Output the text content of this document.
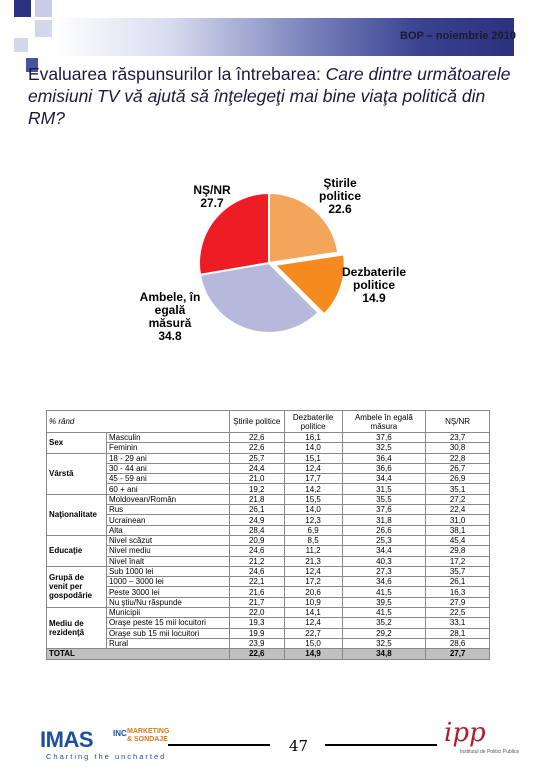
BOP – noiembrie 2010
Evaluarea răspunsurilor la întrebarea: Care dintre următoarele emisiuni TV vă ajută să înţelegeţi mai bine viaţa politică din RM?
Ştirile
politice
22.6
Dezbaterile
politice
14.9
Ambele, în
egală
măsură
34.8
NŞ/NR
27.7
% rând		Ştirile politice	Dezbaterile politice	Ambele în egală măsura	NŞ/NR
Sex	Masculin	22,6	16,1	37,6	23,7
	Feminin	22,6	14,0	32,5	30,8
Vârstă	18 - 29 ani	25,7	15,1	36,4	22,8
	30 - 44 ani	24,4	12,4	36,6	26,7
	45 - 59 ani	21,0	17,7	34,4	26,9
	60 + ani	19,2	14,2	31,5	35,1
Naţionalitate	Moldovean/Român	21,8	15,5	35,5	27,2
	Rus	26,1	14,0	37,6	22,4
	Ucrainean	24,9	12,3	31,8	31,0
	Alta	28,4	6,9	26,6	38,1
Educaţie	Nivel scăzut	20,9	8,5	25,3	45,4
	Nivel mediu	24,6	11,2	34,4	29,8
	Nivel înalt	21,2	21,3	40,3	17,2
Grupă de venit per gospodărie	Sub 1000 lei	24,6	12,4	27,3	35,7
	1000 – 3000 lei	22,1	17,2	34,6	26,1
	Peste 3000 lei	21,6	20,6	41,5	16,3
	Nu ştiu/Nu răspunde	21,7	10,9	39,5	27,9
Mediu de rezidenţă	Municipii	22,0	14,1	41,5	22,5
	Oraşe peste 15 mii locuitori	19,3	12,4	35,2	33,1
	Oraşe sub 15 mii locuitori	19,9	22,7	29,2	28,1
	Rural	23,9	15,0	32,5	28,6
TOTAL		22,6	14,9	34,8	27,7
IMAS	INC MARKETING
& SONDAJE
Charting the uncharted
47	ipp
Institutul de Politici Publice
